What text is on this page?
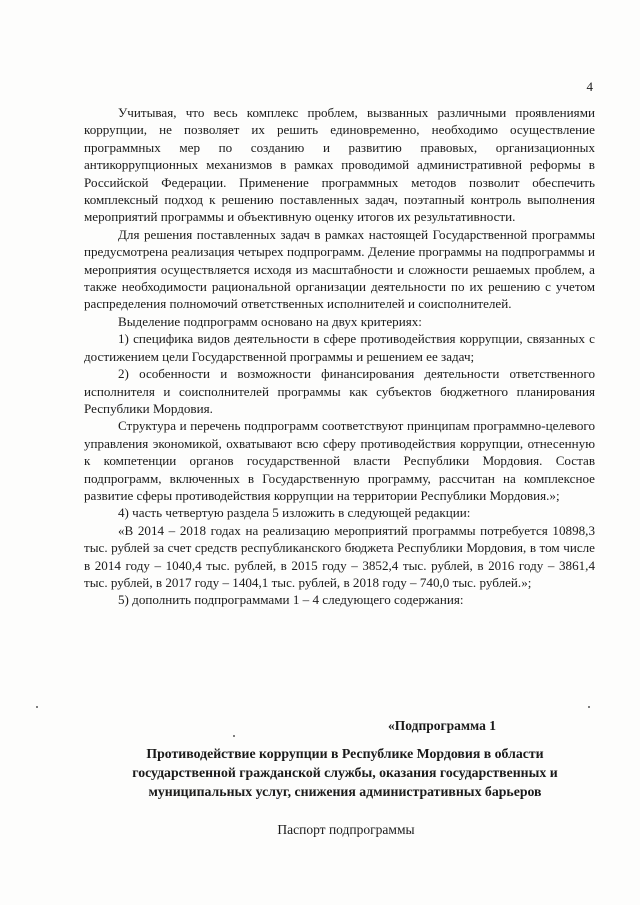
4

Учитывая, что весь комплекс проблем, вызванных различными проявлениями коррупции, не позволяет их решить единовременно, необходимо осуществление программных мер по созданию и развитию правовых, организационных антикоррупционных механизмов в рамках проводимой административной реформы в Российской Федерации. Применение программных методов позволит обеспечить комплексный подход к решению поставленных задач, поэтапный контроль выполнения мероприятий программы и объективную оценку итогов их результативности.

Для решения поставленных задач в рамках настоящей Государственной программы предусмотрена реализация четырех подпрограмм. Деление программы на подпрограммы и мероприятия осуществляется исходя из масштабности и сложности решаемых проблем, а также необходимости рациональной организации деятельности по их решению с учетом распределения полномочий ответственных исполнителей и соисполнителей.

Выделение подпрограмм основано на двух критериях:

1) специфика видов деятельности в сфере противодействия коррупции, связанных с достижением цели Государственной программы и решением ее задач;

2) особенности и возможности финансирования деятельности ответственного исполнителя и соисполнителей программы как субъектов бюджетного планирования Республики Мордовия.

Структура и перечень подпрограмм соответствуют принципам программно-целевого управления экономикой, охватывают всю сферу противодействия коррупции, отнесенную к компетенции органов государственной власти Республики Мордовия. Состав подпрограмм, включенных в Государственную программу, рассчитан на комплексное развитие сферы противодействия коррупции на территории Республики Мордовия.»;

4) часть четвертую раздела 5 изложить в следующей редакции:

«В 2014 – 2018 годах на реализацию мероприятий программы потребуется 10898,3 тыс. рублей за счет средств республиканского бюджета Республики Мордовия, в том числе в 2014 году – 1040,4 тыс. рублей, в 2015 году – 3852,4 тыс. рублей, в 2016 году – 3861,4 тыс. рублей, в 2017 году – 1404,1 тыс. рублей, в 2018 году – 740,0 тыс. рублей.»;

5) дополнить подпрограммами 1 – 4 следующего содержания:

«Подпрограмма 1
Противодействие коррупции в Республике Мордовия в области государственной гражданской службы, оказания государственных и муниципальных услуг, снижения административных барьеров
Паспорт подпрограммы
